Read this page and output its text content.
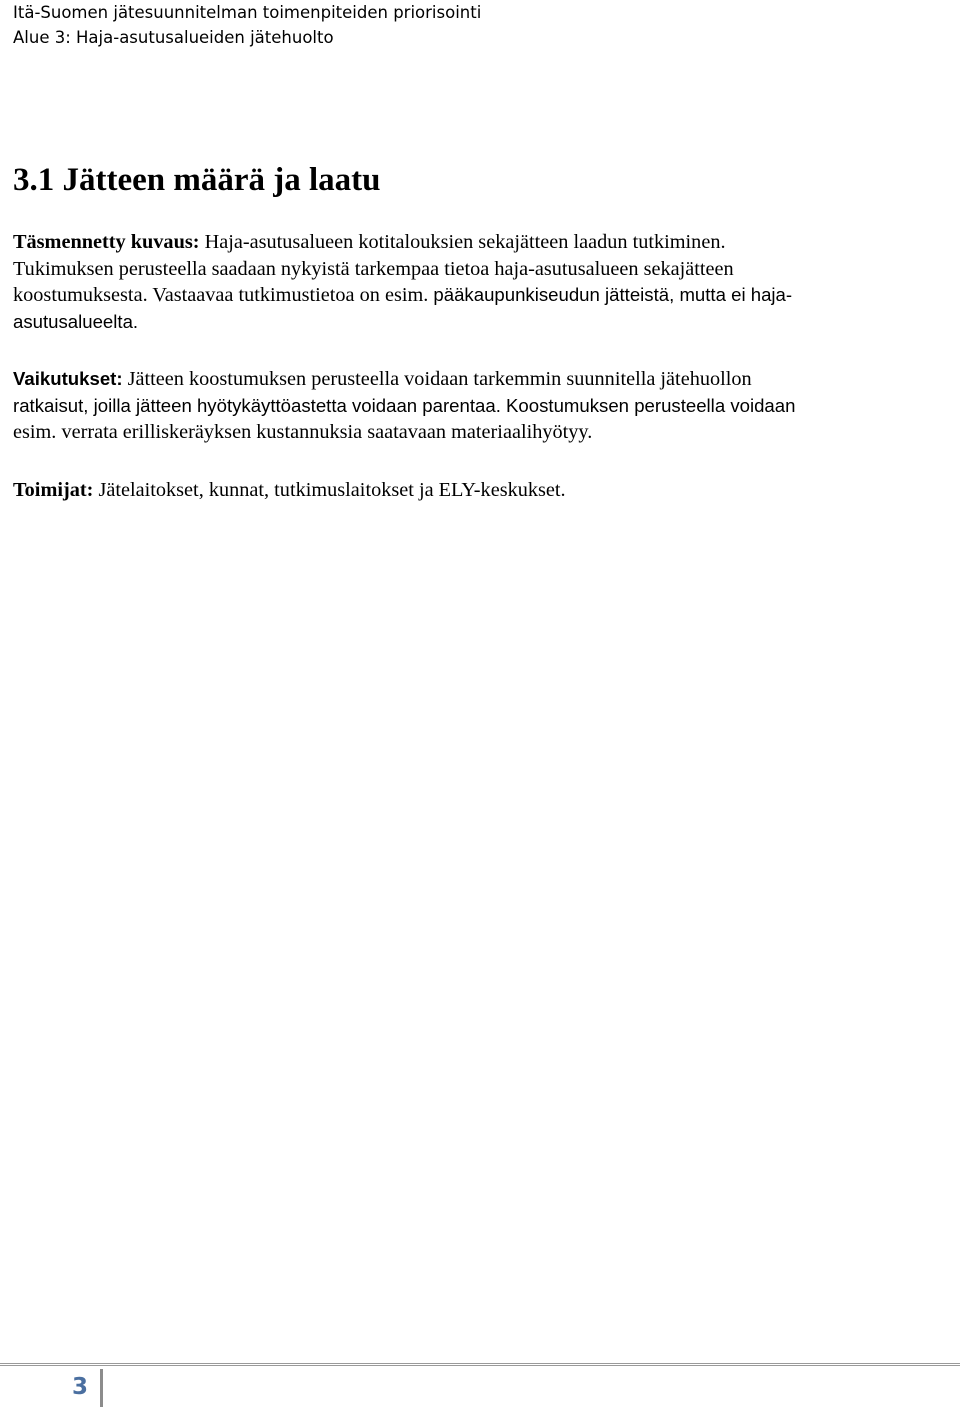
Itä-Suomen jätesuunnitelman toimenpiteiden priorisointi
Alue 3: Haja-asutusalueiden jätehuolto
3.1 Jätteen määrä ja laatu

Täsmennetty kuvaus: Haja-asutusalueen kotitalouksien sekajätteen laadun tutkiminen.
Tukimuksen perusteella saadaan nykyistä tarkempaa tietoa haja-asutusalueen sekajätteen
koostumuksesta. Vastaavaa tutkimustietoa on esim. pääkaupunkiseudun jätteistä, mutta ei haja-
asutusalueelta.

Vaikutukset: Jätteen koostumuksen perusteella voidaan tarkemmin suunnitella jätehuollon
ratkaisut, joilla jätteen hyötykäyttöastetta voidaan parentaa. Koostumuksen perusteella voidaan
esim. verrata erilliskeräyksen kustannuksia saatavaan materiaalihyötyy.

Toimijat: Jätelaitokset, kunnat, tutkimuslaitokset ja ELY-keskukset.

3
